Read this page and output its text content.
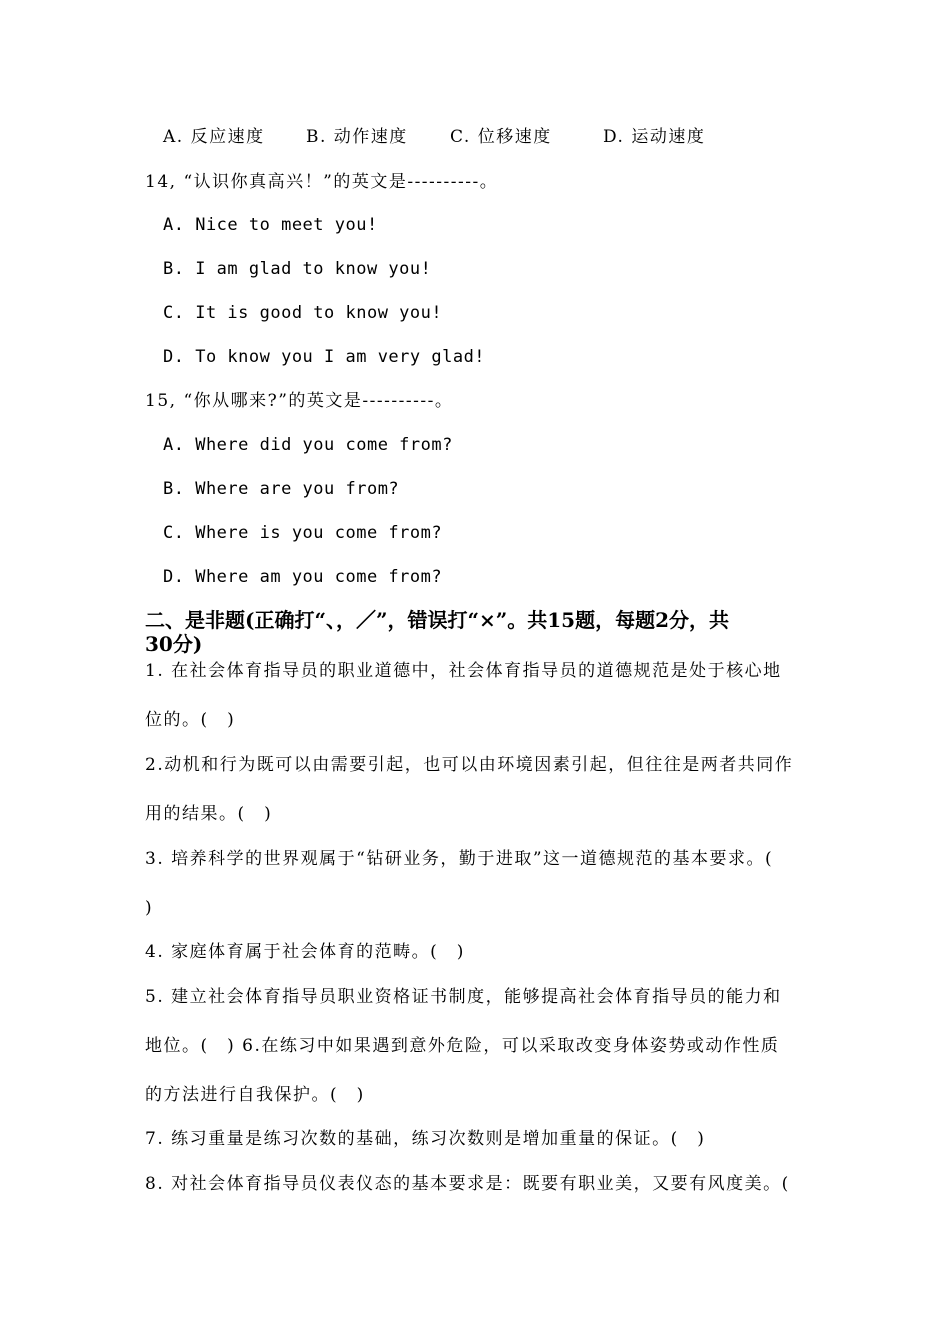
A. 反应速度 B. 动作速度 C. 位移速度	D. 运动速度
14, “认识你真高兴！”的英文是----------。
A. Nice to meet you!
B. I am glad to know you!
C. It is good to know you!
D. To know you I am very glad!
15, “你从哪来?”的英文是----------。
A. Where did you come from?
B. Where are you from?
C. Where is you come from?
D. Where am you come from?
二、是非题(正确打“、，／”，错误打“×”。共15题，每题2分，共
30分)
1. 在社会体育指导员的职业道德中，社会体育指导员的道德规范是处于核心地
位的。(　)
2.动机和行为既可以由需要引起，也可以由环境因素引起，但往往是两者共同作
用的结果。(　)
3. 培养科学的世界观属于“钻研业务，勤于进取”这一道德规范的基本要求。(
)
4. 家庭体育属于社会体育的范畴。(　)
5. 建立社会体育指导员职业资格证书制度，能够提高社会体育指导员的能力和
地位。(　) 6.在练习中如果遇到意外危险，可以采取改变身体姿势或动作性质
的方法进行自我保护。(　)
7. 练习重量是练习次数的基础，练习次数则是增加重量的保证。(　)
8. 对社会体育指导员仪表仪态的基本要求是：既要有职业美，又要有风度美。(
